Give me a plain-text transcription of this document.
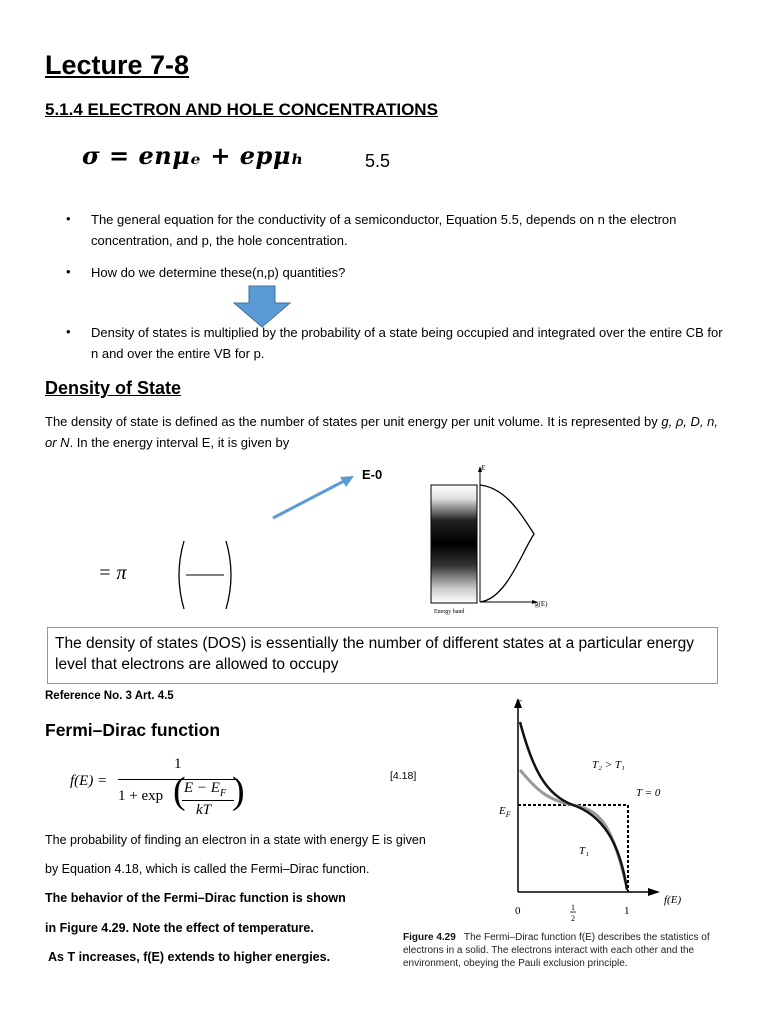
Lecture 7-8
5.1.4 ELECTRON AND HOLE CONCENTRATIONS
σ = enμₑ + epμₕ	5.5
• The general equation for the conductivity of a semiconductor, Equation 5.5, depends on n the electron concentration, and p, the hole concentration.
• How do we determine these(n,p) quantities?
• Density of states is multiplied by the probability of a state being occupied and integrated over the entire CB for n and over the entire VB for p.
Density of State
The density of state is defined as the number of states per unit energy per unit volume. It is represented by g, ρ, D, n, or N. In the energy interval E, it is given by
E-0
= π
E
g(E)
Energy band
The density of states (DOS) is essentially the number of different states at a particular energy level that electrons are allowed to occupy
Reference No. 3 Art. 4.5
Fermi–Dirac function
f(E) =
1
1 + exp (
$E - E_F$
kT )	[4.18]
The probability of finding an electron in a state with energy E is given
by Equation 4.18, which is called the Fermi–Dirac function.
The behavior of the Fermi–Dirac function is shown
in Figure 4.29. Note the effect of temperature.
As T increases, f(E) extends to higher energies.
E
$E_F$
T₂ > T₁
T = 0
T₁
f(E)
0	1
2
1
Figure 4.29 The Fermi–Dirac function f(E) describes the statistics of electrons in a solid. The electrons interact with each other and the environment, obeying the Pauli exclusion principle.
